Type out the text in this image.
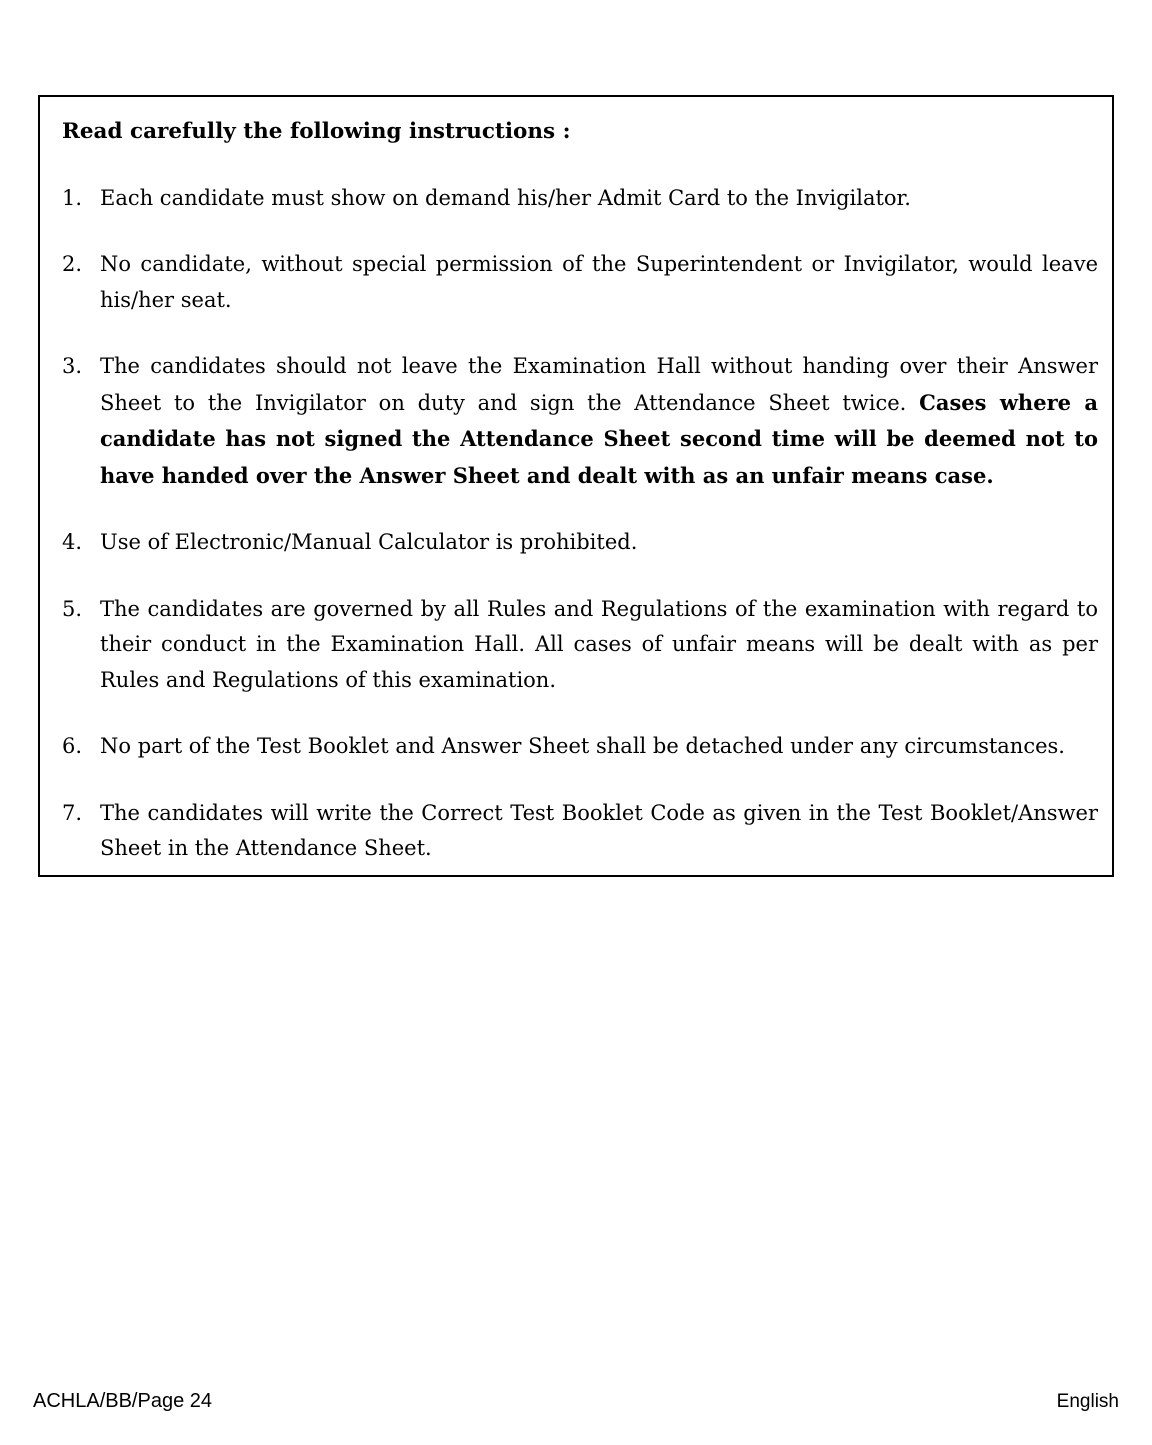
Read carefully the following instructions :
1. Each candidate must show on demand his/her Admit Card to the Invigilator.
2. No candidate, without special permission of the Superintendent or Invigilator, would leave his/her seat.
3. The candidates should not leave the Examination Hall without handing over their Answer Sheet to the Invigilator on duty and sign the Attendance Sheet twice. Cases where a candidate has not signed the Attendance Sheet second time will be deemed not to have handed over the Answer Sheet and dealt with as an unfair means case.
4. Use of Electronic/Manual Calculator is prohibited.
5. The candidates are governed by all Rules and Regulations of the examination with regard to their conduct in the Examination Hall. All cases of unfair means will be dealt with as per Rules and Regulations of this examination.
6. No part of the Test Booklet and Answer Sheet shall be detached under any circumstances.
7. The candidates will write the Correct Test Booklet Code as given in the Test Booklet/Answer Sheet in the Attendance Sheet.
ACHLA/BB/Page 24	English
